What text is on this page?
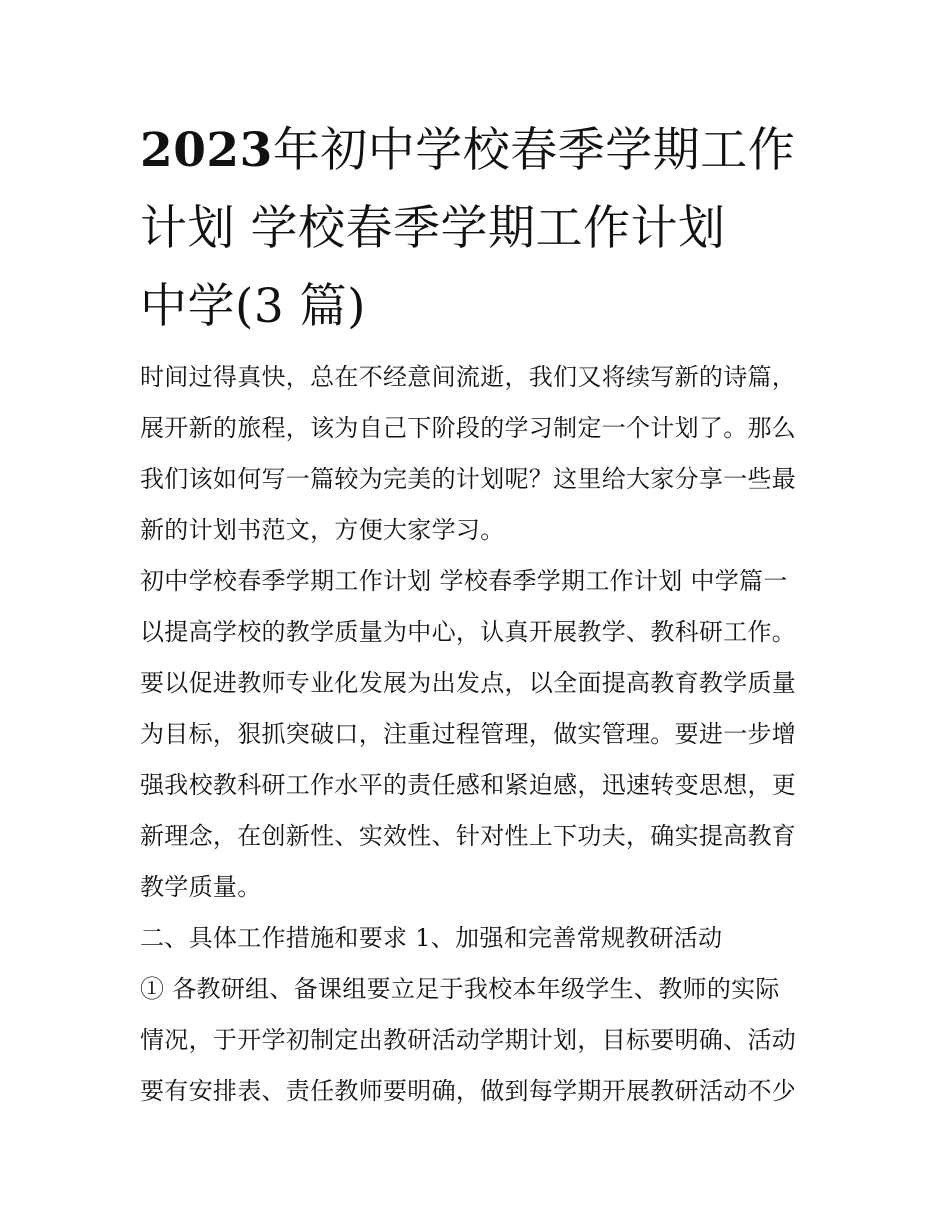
2023年初中学校春季学期工作
计划 学校春季学期工作计划
中学(3 篇)
时间过得真快，总在不经意间流逝，我们又将续写新的诗篇，
展开新的旅程，该为自己下阶段的学习制定一个计划了。那么
我们该如何写一篇较为完美的计划呢？这里给大家分享一些最
新的计划书范文，方便大家学习。
初中学校春季学期工作计划 学校春季学期工作计划 中学篇一
以提高学校的教学质量为中心，认真开展教学、教科研工作。
要以促进教师专业化发展为出发点，以全面提高教育教学质量
为目标，狠抓突破口，注重过程管理，做实管理。要进一步增
强我校教科研工作水平的责任感和紧迫感，迅速转变思想，更
新理念，在创新性、实效性、针对性上下功夫，确实提高教育
教学质量。
二、具体工作措施和要求 1、加强和完善常规教研活动
① 各教研组、备课组要立足于我校本年级学生、教师的实际
情况，于开学初制定出教研活动学期计划，目标要明确、活动
要有安排表、责任教师要明确，做到每学期开展教研活动不少
